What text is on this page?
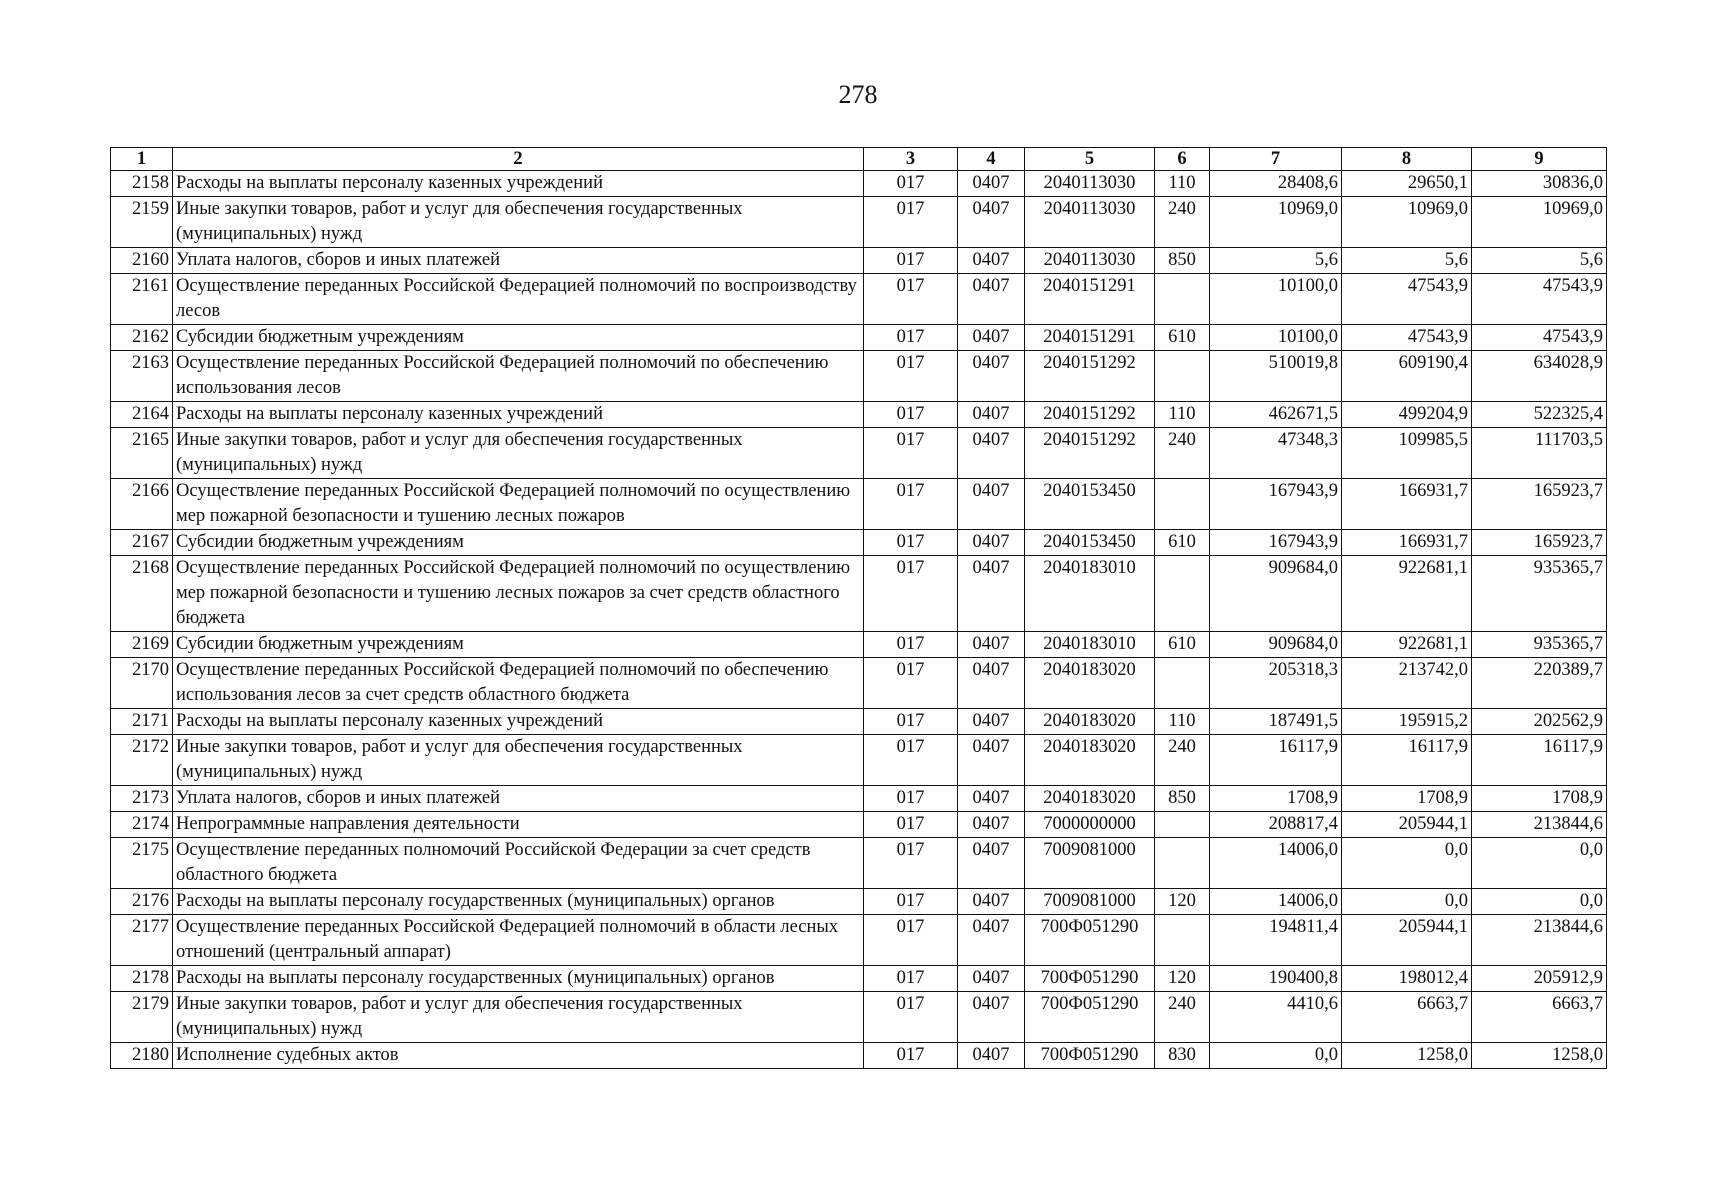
278
1	2	3	4	5	6	7	8	9
2158	Расходы на выплаты персоналу казенных учреждений	017	0407	2040113030	110	28408,6	29650,1	30836,0
2159	Иные закупки товаров, работ и услуг для обеспечения государственных (муниципальных) нужд	017	0407	2040113030	240	10969,0	10969,0	10969,0
2160	Уплата налогов, сборов и иных платежей	017	0407	2040113030	850	5,6	5,6	5,6
2161	Осуществление переданных Российской Федерацией полномочий по воспроизводству лесов	017	0407	2040151291		10100,0	47543,9	47543,9
2162	Субсидии бюджетным учреждениям	017	0407	2040151291	610	10100,0	47543,9	47543,9
2163	Осуществление переданных Российской Федерацией полномочий по обеспечению использования лесов	017	0407	2040151292		510019,8	609190,4	634028,9
2164	Расходы на выплаты персоналу казенных учреждений	017	0407	2040151292	110	462671,5	499204,9	522325,4
2165	Иные закупки товаров, работ и услуг для обеспечения государственных (муниципальных) нужд	017	0407	2040151292	240	47348,3	109985,5	111703,5
2166	Осуществление переданных Российской Федерацией полномочий по осуществлению мер пожарной безопасности и тушению лесных пожаров	017	0407	2040153450		167943,9	166931,7	165923,7
2167	Субсидии бюджетным учреждениям	017	0407	2040153450	610	167943,9	166931,7	165923,7
2168	Осуществление переданных Российской Федерацией полномочий по осуществлению мер пожарной безопасности и тушению лесных пожаров за счет средств областного бюджета	017	0407	2040183010		909684,0	922681,1	935365,7
2169	Субсидии бюджетным учреждениям	017	0407	2040183010	610	909684,0	922681,1	935365,7
2170	Осуществление переданных Российской Федерацией полномочий по обеспечению использования лесов за счет средств областного бюджета	017	0407	2040183020		205318,3	213742,0	220389,7
2171	Расходы на выплаты персоналу казенных учреждений	017	0407	2040183020	110	187491,5	195915,2	202562,9
2172	Иные закупки товаров, работ и услуг для обеспечения государственных (муниципальных) нужд	017	0407	2040183020	240	16117,9	16117,9	16117,9
2173	Уплата налогов, сборов и иных платежей	017	0407	2040183020	850	1708,9	1708,9	1708,9
2174	Непрограммные направления деятельности	017	0407	7000000000		208817,4	205944,1	213844,6
2175	Осуществление переданных полномочий Российской Федерации за счет средств областного бюджета	017	0407	7009081000		14006,0	0,0	0,0
2176	Расходы на выплаты персоналу государственных (муниципальных) органов	017	0407	7009081000	120	14006,0	0,0	0,0
2177	Осуществление переданных Российской Федерацией полномочий в области лесных отношений (центральный аппарат)	017	0407	700Ф051290		194811,4	205944,1	213844,6
2178	Расходы на выплаты персоналу государственных (муниципальных) органов	017	0407	700Ф051290	120	190400,8	198012,4	205912,9
2179	Иные закупки товаров, работ и услуг для обеспечения государственных (муниципальных) нужд	017	0407	700Ф051290	240	4410,6	6663,7	6663,7
2180	Исполнение судебных актов	017	0407	700Ф051290	830	0,0	1258,0	1258,0
